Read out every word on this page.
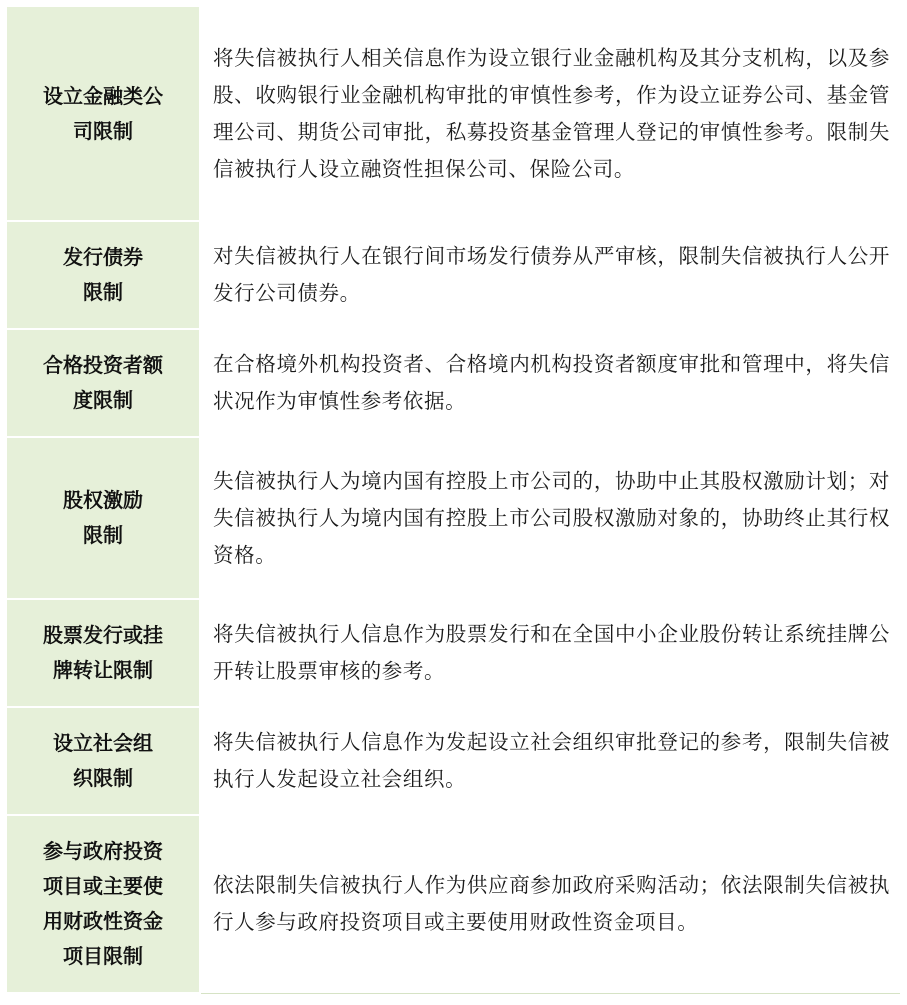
设立金融类公司限制	将失信被执行人相关信息作为设立银行业金融机构及其分支机构，以及参股、收购银行业金融机构审批的审慎性参考，作为设立证券公司、基金管理公司、期货公司审批，私募投资基金管理人登记的审慎性参考。限制失信被执行人设立融资性担保公司、保险公司。

发行债券限制	对失信被执行人在银行间市场发行债券从严审核，限制失信被执行人公开发行公司债券。

合格投资者额度限制	在合格境外机构投资者、合格境内机构投资者额度审批和管理中，将失信状况作为审慎性参考依据。

股权激励限制	失信被执行人为境内国有控股上市公司的，协助中止其股权激励计划；对失信被执行人为境内国有控股上市公司股权激励对象的，协助终止其行权资格。

股票发行或挂牌转让限制	将失信被执行人信息作为股票发行和在全国中小企业股份转让系统挂牌公开转让股票审核的参考。

设立社会组织限制	将失信被执行人信息作为发起设立社会组织审批登记的参考，限制失信被执行人发起设立社会组织。

参与政府投资项目或主要使用财政性资金项目限制	依法限制失信被执行人作为供应商参加政府采购活动；依法限制失信被执行人参与政府投资项目或主要使用财政性资金项目。
